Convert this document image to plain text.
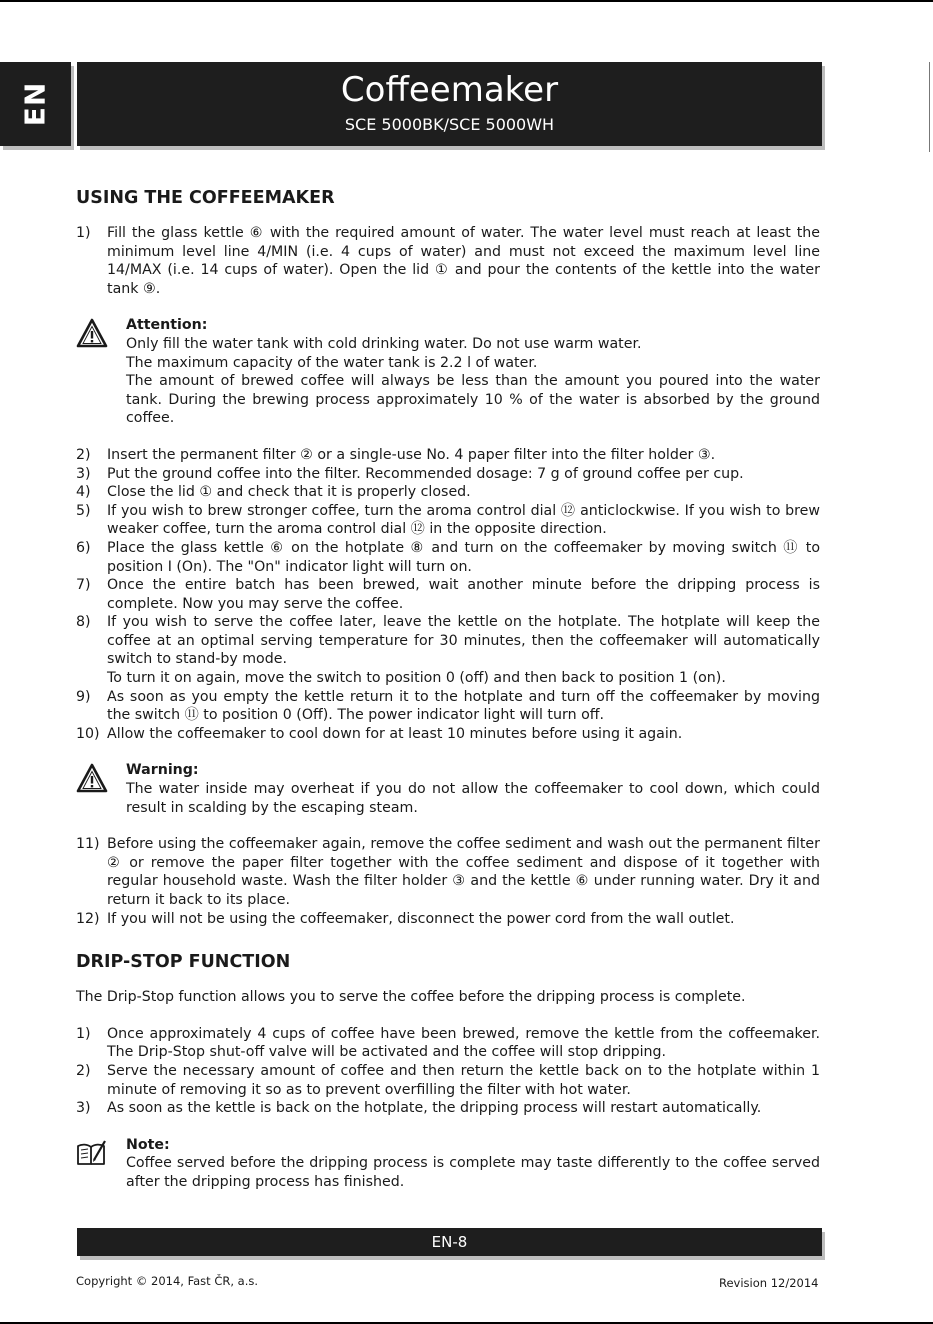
EN	Coffeemaker
SCE 5000BK/SCE 5000WH
USING THE COFFEEMAKER
1) Fill the glass kettle ⑥ with the required amount of water. The water level must reach at least the minimum level line 4/MIN (i.e. 4 cups of water) and must not exceed the maximum level line 14/MAX (i.e. 14 cups of water). Open the lid ① and pour the contents of the kettle into the water tank ⑨.

Attention:
Only fill the water tank with cold drinking water. Do not use warm water.
The maximum capacity of the water tank is 2.2 l of water.
The amount of brewed coffee will always be less than the amount you poured into the water tank. During the brewing process approximately 10 % of the water is absorbed by the ground coffee.
2) Insert the permanent filter ② or a single-use No. 4 paper filter into the filter holder ③.

3) Put the ground coffee into the filter. Recommended dosage: 7 g of ground coffee per cup.

4) Close the lid ① and check that it is properly closed.

5) If you wish to brew stronger coffee, turn the aroma control dial ⑫ anticlockwise. If you wish to brew weaker coffee, turn the aroma control dial ⑫ in the opposite direction.

6) Place the glass kettle ⑥ on the hotplate ⑧ and turn on the coffeemaker by moving switch ⑪ to position I (On). The "On" indicator light will turn on.

7) Once the entire batch has been brewed, wait another minute before the dripping process is complete. Now you may serve the coffee.

8) If you wish to serve the coffee later, leave the kettle on the hotplate. The hotplate will keep the coffee at an optimal serving temperature for 30 minutes, then the coffeemaker will automatically switch to stand-by mode.

To turn it on again, move the switch to position 0 (off) and then back to position 1 (on).

9) As soon as you empty the kettle return it to the hotplate and turn off the coffeemaker by moving the switch ⑪ to position 0 (Off). The power indicator light will turn off.

10) Allow the coffeemaker to cool down for at least 10 minutes before using it again.

Warning:
The water inside may overheat if you do not allow the coffeemaker to cool down, which could result in scalding by the escaping steam.
11) Before using the coffeemaker again, remove the coffee sediment and wash out the permanent filter ② or remove the paper filter together with the coffee sediment and dispose of it together with regular household waste. Wash the filter holder ③ and the kettle ⑥ under running water. Dry it and return it back to its place.

12) If you will not be using the coffeemaker, disconnect the power cord from the wall outlet.

DRIP-STOP FUNCTION

The Drip-Stop function allows you to serve the coffee before the dripping process is complete.

1) Once approximately 4 cups of coffee have been brewed, remove the kettle from the coffeemaker. The Drip-Stop shut-off valve will be activated and the coffee will stop dripping.

2) Serve the necessary amount of coffee and then return the kettle back on to the hotplate within 1 minute of removing it so as to prevent overfilling the filter with hot water.

3) As soon as the kettle is back on the hotplate, the dripping process will restart automatically.

Note:
Coffee served before the dripping process is complete may taste differently to the coffee served after the dripping process has finished.
EN-8
Copyright © 2014, Fast ČR, a.s.	Revision 12/2014
